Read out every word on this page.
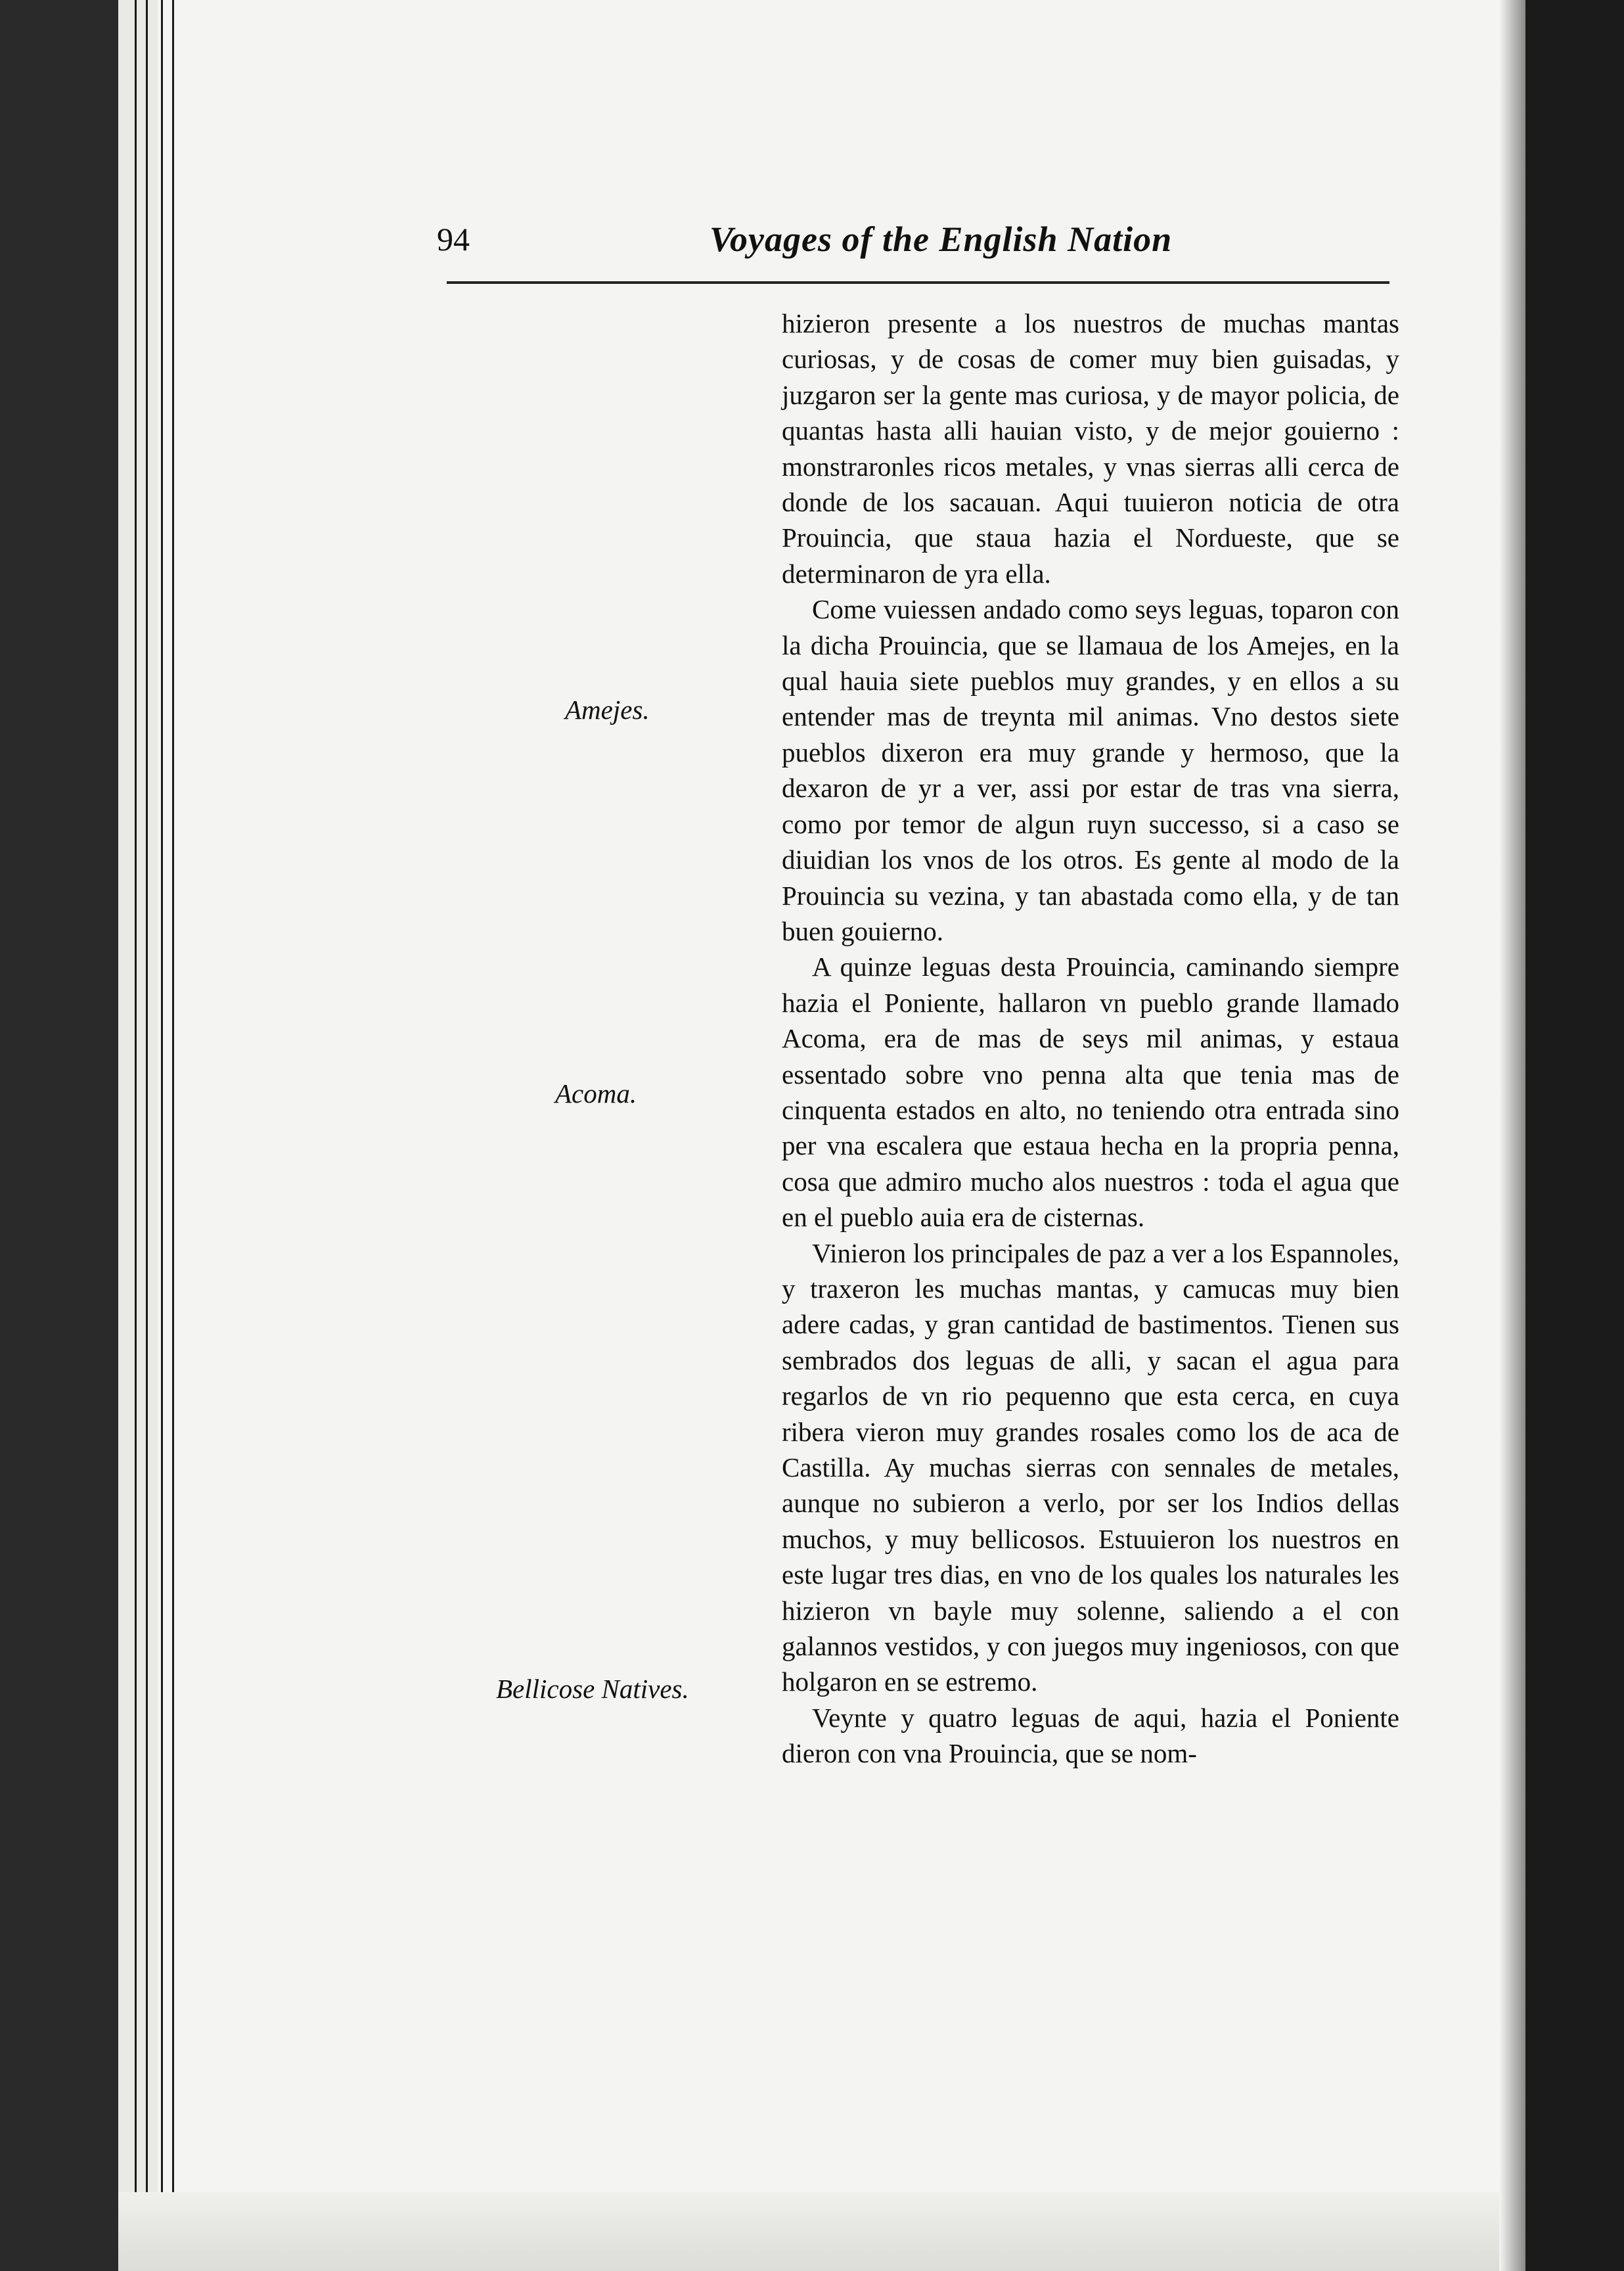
94	Voyages of the English Nation
Amejes.
Acoma.
Bellicose Natives.

hizieron presente a los nuestros de muchas mantas curiosas, y de cosas de comer muy bien guisadas, y juzgaron ser la gente mas curiosa, y de mayor policia, de quantas hasta alli hauian visto, y de mejor gouierno : monstraronles ricos metales, y vnas sierras alli cerca de donde de los sacauan. Aqui tuuieron noticia de otra Prouincia, que staua hazia el Nordueste, que se determinaron de yra ella.

Come vuiessen andado como seys leguas, toparon con la dicha Prouincia, que se llamaua de los Amejes, en la qual hauia siete pueblos muy grandes, y en ellos a su entender mas de treynta mil animas. Vno destos siete pueblos dixeron era muy grande y hermoso, que la dexaron de yr a ver, assi por estar de tras vna sierra, como por temor de algun ruyn successo, si a caso se diuidian los vnos de los otros. Es gente al modo de la Prouincia su vezina, y tan abastada como ella, y de tan buen gouierno.

A quinze leguas desta Prouincia, caminando siempre hazia el Poniente, hallaron vn pueblo grande llamado Acoma, era de mas de seys mil animas, y estaua essentado sobre vno penna alta que tenia mas de cinquenta estados en alto, no teniendo otra entrada sino per vna escalera que estaua hecha en la propria penna, cosa que admiro mucho alos nuestros : toda el agua que en el pueblo auia era de cisternas.

Vinieron los principales de paz a ver a los Espannoles, y traxeron les muchas mantas, y camucas muy bien adere cadas, y gran cantidad de bastimentos. Tienen sus sembrados dos leguas de alli, y sacan el agua para regarlos de vn rio pequenno que esta cerca, en cuya ribera vieron muy grandes rosales como los de aca de Castilla. Ay muchas sierras con sennales de metales, aunque no subieron a verlo, por ser los Indios dellas muchos, y muy bellicosos. Estuuieron los nuestros en este lugar tres dias, en vno de los quales los naturales les hizieron vn bayle muy solenne, saliendo a el con galannos vestidos, y con juegos muy ingeniosos, con que holgaron en se estremo.

Veynte y quatro leguas de aqui, hazia el Poniente dieron con vna Prouincia, que se nom-
